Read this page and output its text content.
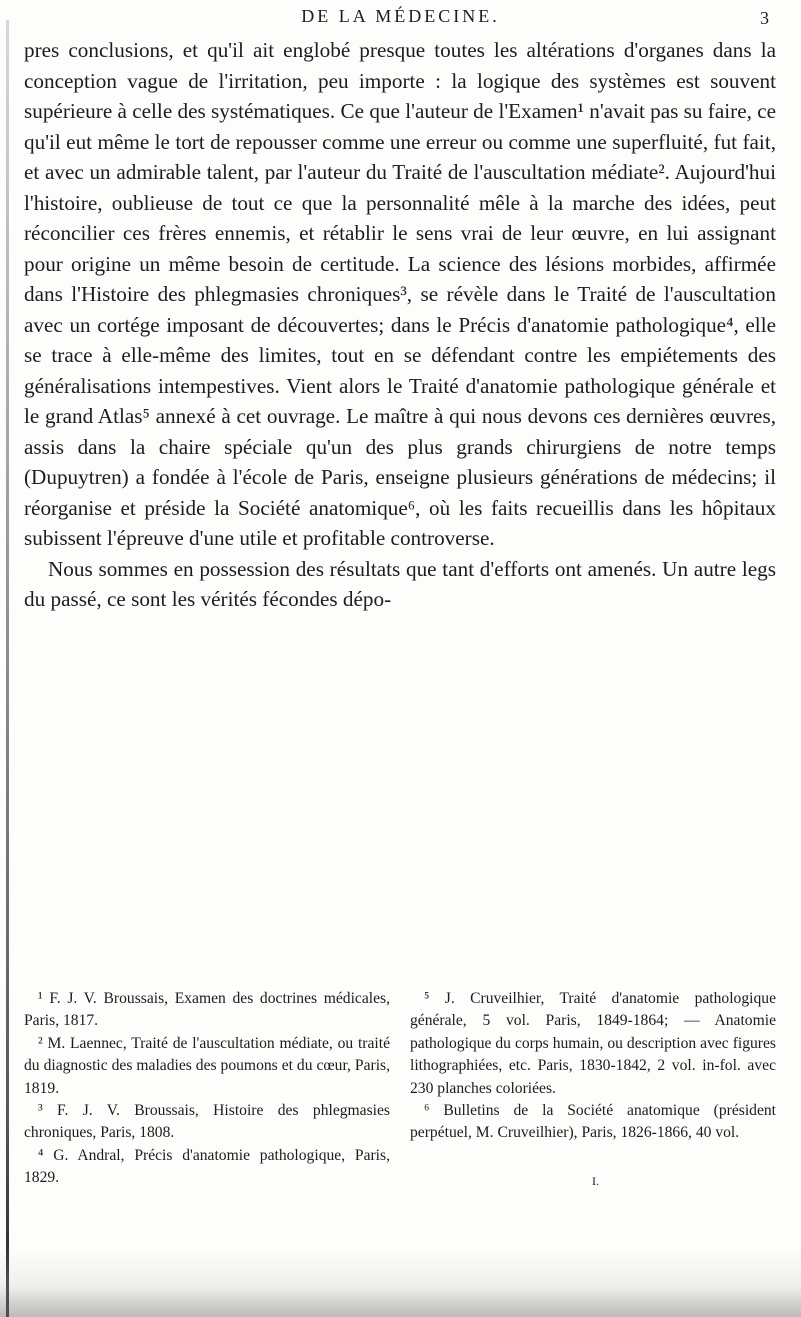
DE LA MÉDECINE.	3

pres conclusions, et qu'il ait englobé presque toutes les altérations d'organes dans la conception vague de l'irritation, peu importe : la logique des systèmes est souvent supérieure à celle des systématiques. Ce que l'auteur de l'Examen¹ n'avait pas su faire, ce qu'il eut même le tort de repousser comme une erreur ou comme une superfluité, fut fait, et avec un admirable talent, par l'auteur du Traité de l'auscultation médiate². Aujourd'hui l'histoire, oublieuse de tout ce que la personnalité mêle à la marche des idées, peut réconcilier ces frères ennemis, et rétablir le sens vrai de leur œuvre, en lui assignant pour origine un même besoin de certitude. La science des lésions morbides, affirmée dans l'Histoire des phlegmasies chroniques³, se révèle dans le Traité de l'auscultation avec un cortége imposant de découvertes; dans le Précis d'anatomie pathologique⁴, elle se trace à elle-même des limites, tout en se défendant contre les empiétements des généralisations intempestives. Vient alors le Traité d'anatomie pathologique générale et le grand Atlas⁵ annexé à cet ouvrage. Le maître à qui nous devons ces dernières œuvres, assis dans la chaire spéciale qu'un des plus grands chirurgiens de notre temps (Dupuytren) a fondée à l'école de Paris, enseigne plusieurs générations de médecins; il réorganise et préside la Société anatomique⁶, où les faits recueillis dans les hôpitaux subissent l'épreuve d'une utile et profitable controverse.

Nous sommes en possession des résultats que tant d'efforts ont amenés. Un autre legs du passé, ce sont les vérités fécondes dépo-

¹ F. J. V. Broussais, Examen des doctrines médicales, Paris, 1817.

² M. Laennec, Traité de l'auscultation médiate, ou traité du diagnostic des maladies des poumons et du cœur, Paris, 1819.

³ F. J. V. Broussais, Histoire des phlegmasies chroniques, Paris, 1808.

⁴ G. Andral, Précis d'anatomie pathologique, Paris, 1829.

⁵ J. Cruveilhier, Traité d'anatomie pathologique générale, 5 vol. Paris, 1849-1864; — Anatomie pathologique du corps humain, ou description avec figures lithographiées, etc. Paris, 1830-1842, 2 vol. in-fol. avec 230 planches coloriées.

⁶ Bulletins de la Société anatomique (président perpétuel, M. Cruveilhier), Paris, 1826-1866, 40 vol.

I.
